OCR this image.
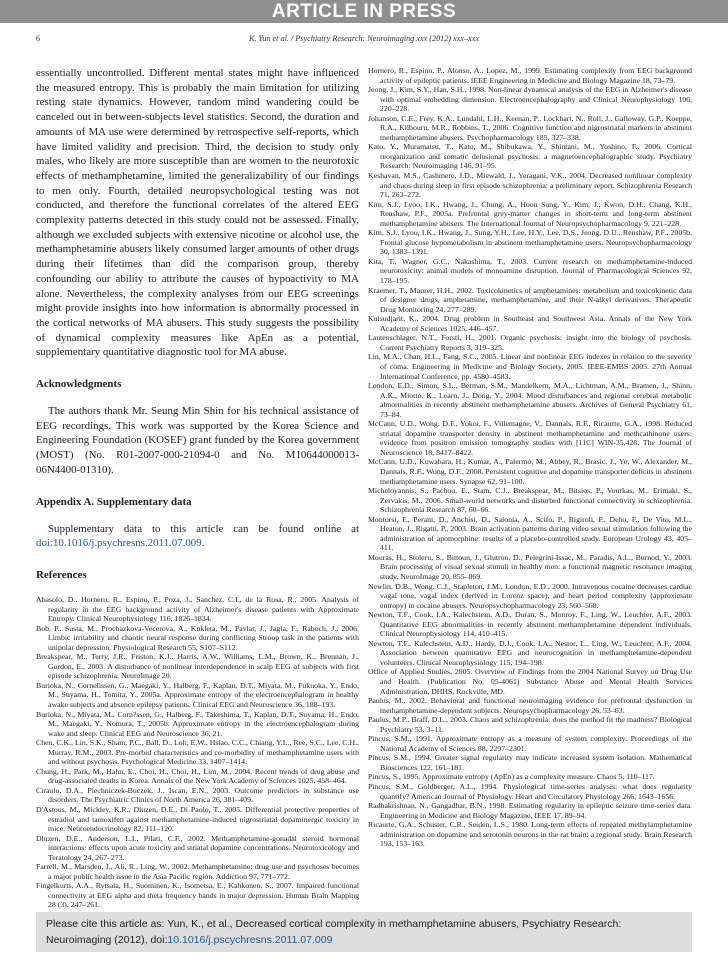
ARTICLE IN PRESS
6	K. Yun et al. / Psychiatry Research: Neuroimaging xxx (2012) xxx–xxx

essentially uncontrolled. Different mental states might have influenced the measured entropy. This is probably the main limitation for utilizing resting state dynamics. However, random mind wandering could be canceled out in between-subjects level statistics. Second, the duration and amounts of MA use were determined by retrospective self-reports, which have limited validity and precision. Third, the decision to study only males, who likely are more susceptible than are women to the neurotoxic effects of methamphetamine, limited the generalizability of our findings to men only. Fourth, detailed neuropsychological testing was not conducted, and therefore the functional correlates of the altered EEG complexity patterns detected in this study could not be assessed. Finally, although we excluded subjects with extensive nicotine or alcohol use, the methamphetamine abusers likely consumed larger amounts of other drugs during their lifetimes than did the comparison group, thereby confounding our ability to attribute the causes of hypoactivity to MA alone. Nevertheless, the complexity analyses from our EEG screenings might provide insights into how information is abnormally processed in the cortical networks of MA abusers. This study suggests the possibility of dynamical complexity measures like ApEn as a potential, supplementary quantitative diagnostic tool for MA abuse.

Acknowledgments

The authors thank Mr. Seung Min Shin for his technical assistance of EEG recordings. This work was supported by the Korea Science and Engineering Foundation (KOSEF) grant funded by the Korea government (MOST) (No. R01-2007-000-21094-0 and No. M10644000013-06N4400-01310).

Appendix A. Supplementary data

Supplementary data to this article can be found online at doi:10.1016/j.psychresns.2011.07.009.

References

Abasolo, D., Hornero, R., Espino, P., Poza, J., Sanchez, C.I., de la Rosa, R., 2005. Analysis of regularity in the EEG background activity of Alzheimer's disease patients with Approximate Entropy. Clinical Neurophysiology 116, 1826–1834.

Bob, P., Susta, M., Prochazkova-Vecerova, A., Kukleta, M., Pavlat, J., Jagla, F., Raboch, J., 2006. Limbic irritability and chaotic neural response during conflicting Stroop task in the patients with unipolar depression. Physiological Research 55, S107–S112.

Breakspear, M., Terry, J.R., Friston, K.J., Harris, A.W., Williams, L.M., Brown, K., Brennan, J., Gordon, E., 2003. A disturbance of nonlinear interdependence in scalp EEG of subjects with first episode schizophrenia. NeuroImage 20.

Burioka, N., Cornelissen, G., Maegaki, Y., Halberg, F., Kaplan, D.T., Miyata, M., Fukuoka, Y., Endo, M., Suyama, H., Tomita, Y., 2005a. Approximate entropy of the electroencephalogram in healthy awake subjects and absence epilepsy patients. Clinical EEG and Neuroscience 36, 188–193.

Burioka, N., Miyata, M., Corn?ssen, G., Halberg, F., Takeshima, T., Kaplan, D.T., Suyama, H., Endo, M., Maegaki, Y., Nomura, T., 2005b. Approximate entropy in the electroencephalogram during wake and sleep. Clinical EEG and Neuroscience 36, 21.

Chen, C.K., Lin, S.K., Sham, P.C., Ball, D., Loh, E.W., Hsiao, C.C., Chiang, Y.L., Ree, S.C., Lee, C.H., Murray, R.M., 2003. Pre-morbid characteristics and co-morbidity of methamphetamine users with and without psychosis. Psychological Medicine 33, 1407–1414.

Chung, H., Park, M., Hahn, E., Choi, H., Choi, H., Lim, M., 2004. Recent trends of drug abuse and drug-associated deaths in Korea. Annals of the New York Academy of Sciences 1025, 458–464.

Ciraulo, D.A., Piechniczek-Buczek, J., Iscan, E.N., 2003. Outcome predictors in substance use disorders. The Psychiatric Clinics of North America 26, 381–409.

D'Astous, M., Mickley, K.R., Dluzen, D.E., Di Paolo, T., 2005. Differential protective properties of estradiol and tamoxifen against methamphetamine-induced nigrostriatal dopaminergic toxicity in mice. Neuroendocrinology 82, 111–120.

Dluzen, D.E., Anderson, L.I., Pilati, C.F., 2002. Methamphetamine-gonadal steroid hormonal interactions: effects upon acute toxicity and striatal dopamine concentrations. Neurotoxicology and Teratology 24, 267–273.

Farrell, M., Marsden, J., Ali, R., Ling, W., 2002. Methamphetamine: drug use and psychoses becomes a major public health issue in the Asia Pacific region. Addiction 97, 771–772.

Fingelkurts, A.A., Rytsala, H., Suominen, K., Isometsa, E., Kahkonen, S., 2007. Impaired functional connectivity at EEG alpha and theta frequency bands in major depression. Human Brain Mapping 28 (3), 247–261.

Hornero, R., Espino, P., Alonso, A., Lopez, M., 1999. Estimating complexity from EEG background activity of epileptic patients. IEEE Engineering in Medicine and Biology Magazine 18, 73–79.

Jeong, J., Kim, S.Y., Han, S.H., 1998. Non-linear dynamical analysis of the EEG in Alzheimer's disease with optimal embedding dimension. Electroencephalography and Clinical Neurophysiology 106, 220–228.

Johanson, C.E., Frey, K.A., Lundahl, L.H., Keenan, P., Lockhart, N., Roll, J., Galloway, G.P., Koeppe, R.A., Kilbourn, M.R., Robbins, T., 2006. Cognitive function and nigrostriatal markers in abstinent methamphetamine abusers. Psychopharmacology 185, 327–338.

Kato, Y., Muramatsu, T., Kato, M., Shibukawa, Y., Shintani, M., Yoshino, F., 2006. Cortical reorganization and somatic delusional psychosis: a magnetoencephalographic study. Psychiatry Research: Neuroimaging 146, 91–95.

Keshavan, M.S., Cashmere, J.D., Miewald, J., Yeragani, V.K., 2004. Decreased nonlinear complexity and chaos during sleep in first episode schizophrenia: a preliminary report. Schizophrenia Research 71, 263–272.

Kim, S.J., Lyoo, I.K., Hwang, J., Chung, A., Hoon Sung, Y., Kim, J., Kwon, D.H., Chang, K.H., Renshaw, P.F., 2005a. Prefrontal grey-matter changes in short-term and long-term abstinent methamphetamine abusers. The International Journal of Neuropsychopharmacology 9, 221–228.

Kim, S.J., Lyoo, I.K., Hwang, J., Sung, Y.H., Lee, H.Y., Lee, D.S., Jeong, D.U., Renshaw, P.F., 2005b. Frontal glucose hypometabolism in abstinent methamphetamine users. Neuropsychopharmacology 30, 1383–1391.

Kita, T., Wagner, G.C., Nakashima, T., 2003. Current research on methamphetamine-induced neurotoxicity: animal models of monoamine disruption. Journal of Pharmacological Sciences 92, 178–195.

Kraemer, T., Maurer, H.H., 2002. Toxicokinetics of amphetamines: metabolism and toxicokinetic data of designer drugs, amphetamine, methamphetamine, and their N-alkyl derivatives. Therapeutic Drug Monitoring 24, 277–289.

Kulsudjarit, K., 2004. Drug problem in Southeast and Southwest Asia. Annals of the New York Academy of Sciences 1025, 446–457.

Lautenschlager, N.T., Forstl, H., 2001. Organic psychosis: insight into the biology of psychosis. Current Psychiatry Reports 3, 319–325.

Lin, M.A., Chan, H.L., Fang, S.C., 2005. Linear and nonlinear EEG indexes in relation to the severity of coma. Engineering in Medicine and Biology Society, 2005. IEEE-EMBS 2005. 27th Annual International Conference, pp. 4580–4583.

London, E.D., Simon, S.L., Berman, S.M., Mandelkern, M.A., Lichtman, A.M., Bramen, J., Shinn, A.K., Miotto, K., Learn, J., Dong, Y., 2004. Mood disturbances and regional cerebral metabolic abnormalities in recently abstinent methamphetamine abusers. Archives of General Psychiatry 61, 73–84.

McCann, U.D., Wong, D.F., Yokoi, F., Villemagne, V., Dannals, R.F., Ricaurte, G.A., 1998. Reduced striatal dopamine transporter density in abstinent methamphetamine and methcathinone users: evidence from positron emission tomography studies with [11C] WIN-35,428. The Journal of Neuroscience 18, 8417–8422.

McCann, U.D., Kuwabara, H., Kumar, A., Palermo, M., Abbey, R., Brasic, J., Ye, W., Alexander, M., Dannals, R.F., Wong, D.F., 2008. Persistent cognitive and dopamine transporter deficits in abstinent methamphetamine users. Synapse 62, 91–100.

Micheloyannis, S., Pachou, E., Stam, C.J., Breakspear, M., Bitsios, P., Vourkas, M., Erimaki, S., Zervakis, M., 2006. Small-world networks and disturbed functional connectivity in schizophrenia. Schizophrenia Research 87, 60–66.

Montorsi, F., Perani, D., Anchisi, D., Salonia, A., Scifo, P., Rigiroli, P., Deho, F., De Vito, M.L., Heaton, J., Rigatti, P., 2003. Brain activation patterns during video sexual stimulation following the administration of apomorphine: results of a placebo-controlled study. European Urology 43, 405–411.

Mouras, H., Stoleru, S., Bittoun, J., Glutron, D., Pelegrini-Issac, M., Paradis, A.L., Burnod, Y., 2003. Brain processing of visual sexual stimuli in healthy men: a functional magnetic resonance imaging study. NeuroImage 20, 855–869.

Newlin, D.B., Wong, C.J., Stapleton, J.M., London, E.D., 2000. Intravenous cocaine decreases cardiac vagal tone, vagal index (derived in Lorenz space), and heart period complexity (approximate entropy) in cocaine abusers. Neuropsychopharmacology 23, 560–568.

Newton, T.F., Cook, I.A., Kalechstein, A.D., Duran, S., Monroy, F., Ling, W., Leuchter, A.F., 2003. Quantitative EEG abnormalities in recently abstinent methamphetamine dependent individuals. Clinical Neurophysiology 114, 410–415.

Newton, T.F., Kalechstein, A.D., Hardy, D.J., Cook, I.A., Nestor, L., Ling, W., Leuchter, A.F., 2004. Association between quantitative EEG and neurocognition in methamphetamine-dependent volunteers. Clinical Neurophysiology 115, 194–198.

Office of Applied Studies, 2005. Overview of Findings from the 2004 National Survey on Drug Use and Health. (Publication No. 05-4061) Substance Abuse and Mental Health Services Administration, DHHS, Rockville, MD.

Paulus, M., 2002. Behavioral and functional neuroimaging evidence for prefrontal dysfunction in methamphetamine-dependent subjects. Neuropsychopharmacology 26, 53–63.

Paulus, M.P., Braff, D.L., 2003. Chaos and schizophrenia: does the method fit the madness? Biological Psychiatry 53, 3–11.

Pincus, S.M., 1991. Approximate entropy as a measure of system complexity. Proceedings of the National Academy of Sciences 88, 2297–2301.

Pincus, S.M., 1994. Greater signal regularity may indicate increased system isolation. Mathematical Biosciences 122, 161–181.

Pincus, S., 1995. Approximate entropy (ApEn) as a complexity measure. Chaos 5, 110–117.

Pincus, S.M., Goldberger, A.L., 1994. Physiological time-series analysis: what does regularity quantify? American Journal of Physiology. Heart and Circulatory Physiology 266, 1643–1656.

Radhakrishnan, N., Gangadhar, B.N., 1998. Estimating regularity in epileptic seizure time-series data. Engineering in Medicine and Biology Magazine, IEEE 17, 89–94.

Ricaurte, G.A., Schuster, C.R., Seiden, L.S., 1980. Long-term effects of repeated methylamphetamine administration on dopamine and serotonin neurons in the rat brain: a regional study. Brain Research 193, 153–163.

Please cite this article as: Yun, K., et al., Decreased cortical complexity in methamphetamine abusers, Psychiatry Research: Neuroimaging (2012), doi:10.1016/j.pscychresns.2011.07.009
